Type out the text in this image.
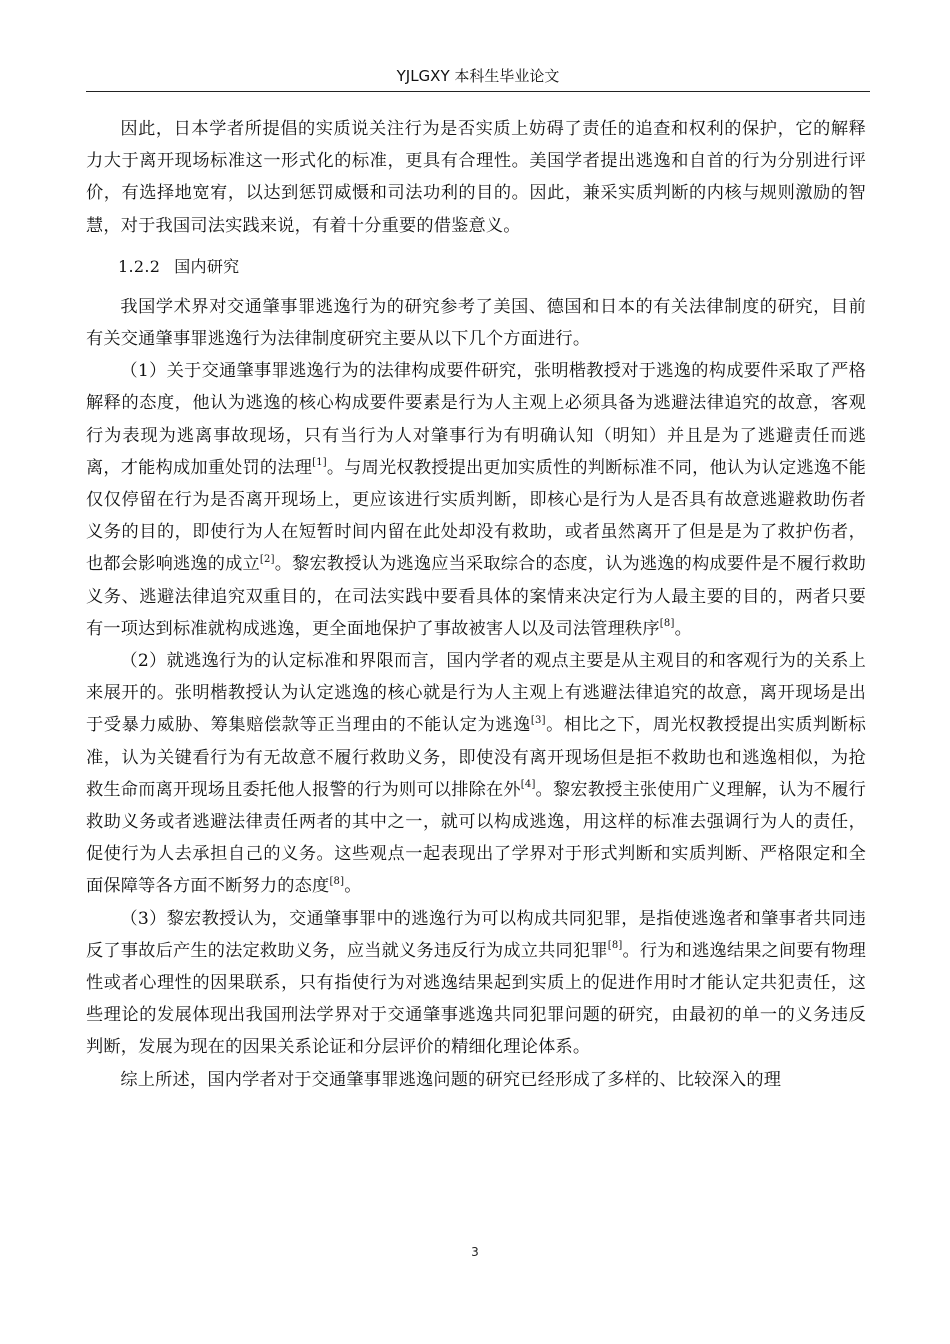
YJLGXY 本科生毕业论文

因此，日本学者所提倡的实质说关注行为是否实质上妨碍了责任的追查和权利的保护，它的解释力大于离开现场标准这一形式化的标准，更具有合理性。美国学者提出逃逸和自首的行为分别进行评价，有选择地宽宥，以达到惩罚威慑和司法功利的目的。因此，兼采实质判断的内核与规则激励的智慧，对于我国司法实践来说，有着十分重要的借鉴意义。

1.2.2 国内研究

我国学术界对交通肇事罪逃逸行为的研究参考了美国、德国和日本的有关法律制度的研究，目前有关交通肇事罪逃逸行为法律制度研究主要从以下几个方面进行。

（1）关于交通肇事罪逃逸行为的法律构成要件研究，张明楷教授对于逃逸的构成要件采取了严格解释的态度，他认为逃逸的核心构成要件要素是行为人主观上必须具备为逃避法律追究的故意，客观行为表现为逃离事故现场，只有当行为人对肇事行为有明确认知（明知）并且是为了逃避责任而逃离，才能构成加重处罚的法理[1]。与周光权教授提出更加实质性的判断标准不同，他认为认定逃逸不能仅仅停留在行为是否离开现场上，更应该进行实质判断，即核心是行为人是否具有故意逃避救助伤者义务的目的，即使行为人在短暂时间内留在此处却没有救助，或者虽然离开了但是是为了救护伤者，也都会影响逃逸的成立[2]。黎宏教授认为逃逸应当采取综合的态度，认为逃逸的构成要件是不履行救助义务、逃避法律追究双重目的，在司法实践中要看具体的案情来决定行为人最主要的目的，两者只要有一项达到标准就构成逃逸，更全面地保护了事故被害人以及司法管理秩序[8]。

（2）就逃逸行为的认定标准和界限而言，国内学者的观点主要是从主观目的和客观行为的关系上来展开的。张明楷教授认为认定逃逸的核心就是行为人主观上有逃避法律追究的故意，离开现场是出于受暴力威胁、筹集赔偿款等正当理由的不能认定为逃逸[3]。相比之下，周光权教授提出实质判断标准，认为关键看行为有无故意不履行救助义务，即使没有离开现场但是拒不救助也和逃逸相似，为抢救生命而离开现场且委托他人报警的行为则可以排除在外[4]。黎宏教授主张使用广义理解，认为不履行救助义务或者逃避法律责任两者的其中之一，就可以构成逃逸，用这样的标准去强调行为人的责任，促使行为人去承担自己的义务。这些观点一起表现出了学界对于形式判断和实质判断、严格限定和全面保障等各方面不断努力的态度[8]。

（3）黎宏教授认为，交通肇事罪中的逃逸行为可以构成共同犯罪，是指使逃逸者和肇事者共同违反了事故后产生的法定救助义务，应当就义务违反行为成立共同犯罪[8]。行为和逃逸结果之间要有物理性或者心理性的因果联系，只有指使行为对逃逸结果起到实质上的促进作用时才能认定共犯责任，这些理论的发展体现出我国刑法学界对于交通肇事逃逸共同犯罪问题的研究，由最初的单一的义务违反判断，发展为现在的因果关系论证和分层评价的精细化理论体系。

综上所述，国内学者对于交通肇事罪逃逸问题的研究已经形成了多样的、比较深入的理

3
